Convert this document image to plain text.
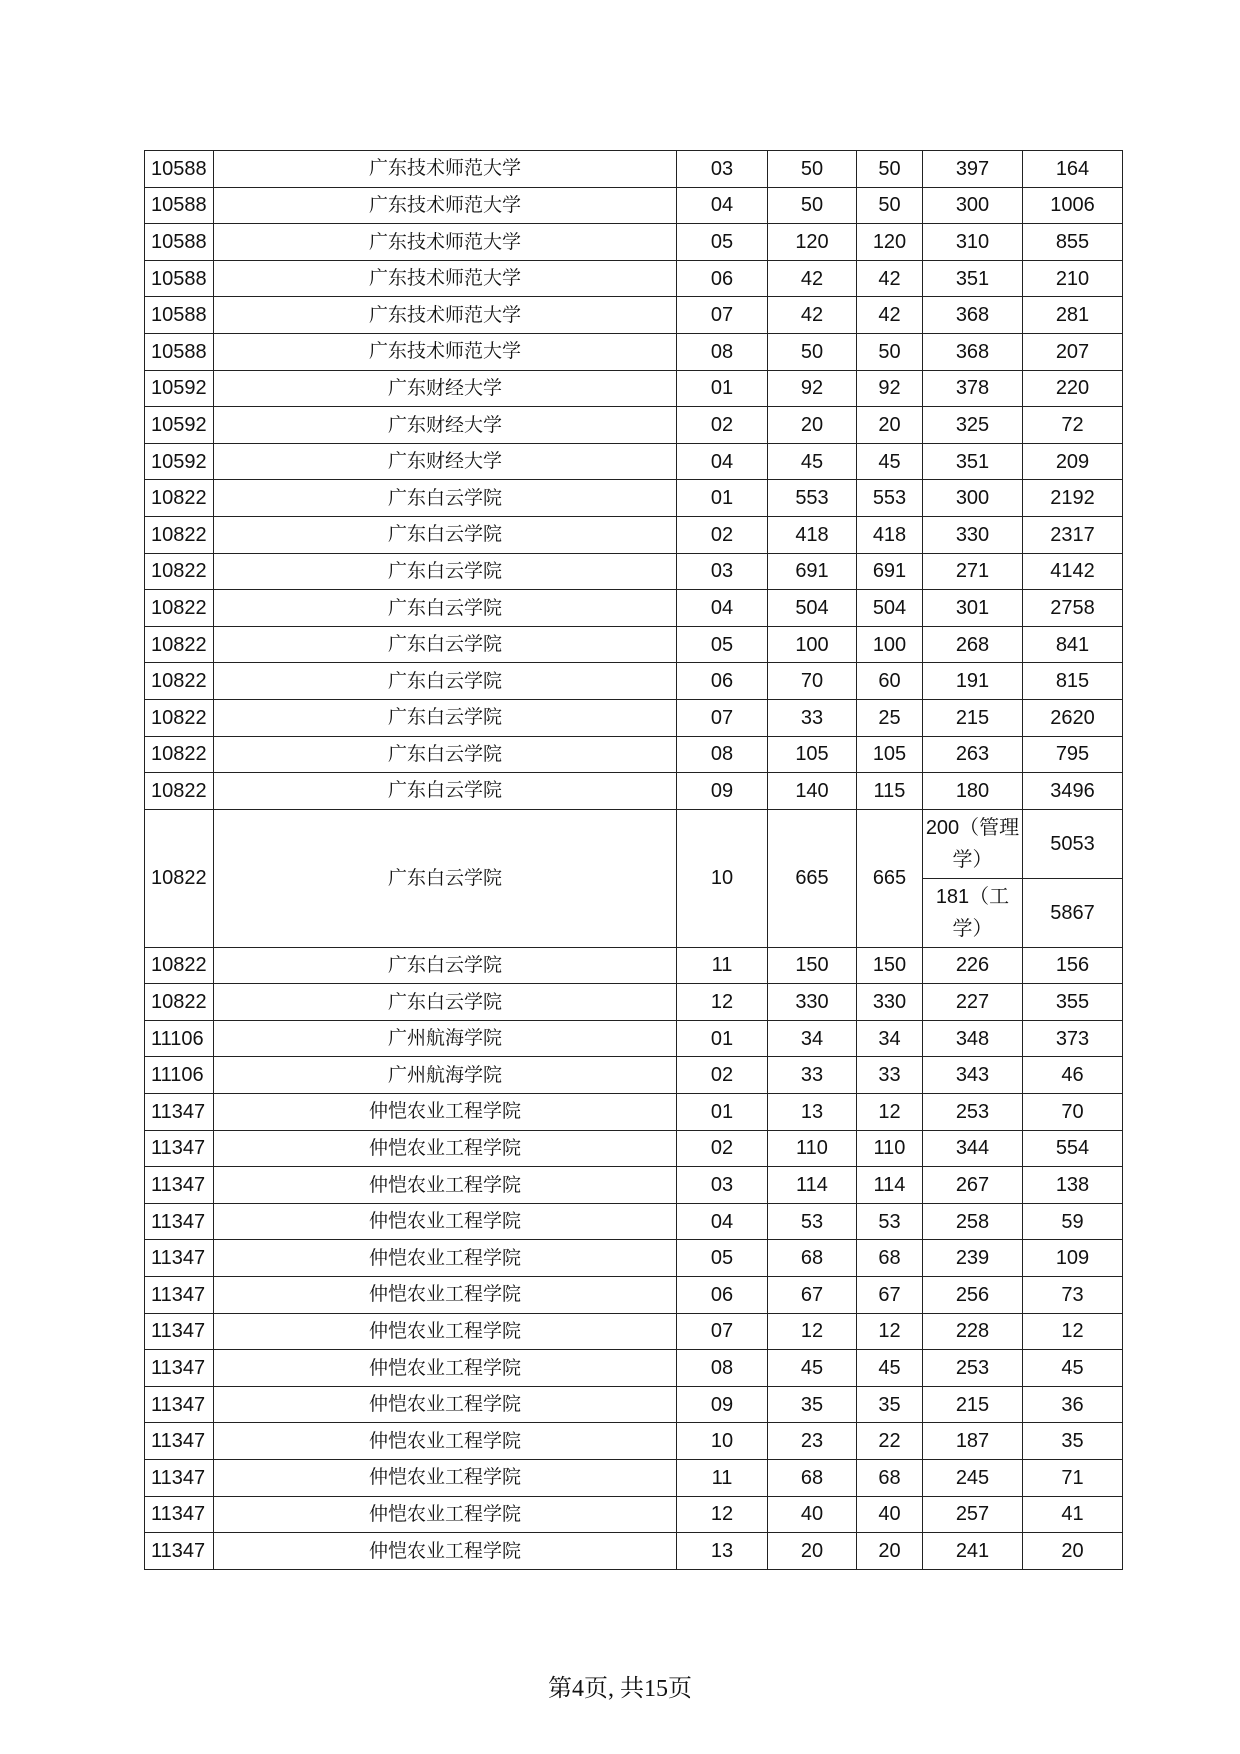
10588	广东技术师范大学	03	50	50	397	164
10588	广东技术师范大学	04	50	50	300	1006
10588	广东技术师范大学	05	120	120	310	855
10588	广东技术师范大学	06	42	42	351	210
10588	广东技术师范大学	07	42	42	368	281
10588	广东技术师范大学	08	50	50	368	207
10592	广东财经大学	01	92	92	378	220
10592	广东财经大学	02	20	20	325	72
10592	广东财经大学	04	45	45	351	209
10822	广东白云学院	01	553	553	300	2192
10822	广东白云学院	02	418	418	330	2317
10822	广东白云学院	03	691	691	271	4142
10822	广东白云学院	04	504	504	301	2758
10822	广东白云学院	05	100	100	268	841
10822	广东白云学院	06	70	60	191	815
10822	广东白云学院	07	33	25	215	2620
10822	广东白云学院	08	105	105	263	795
10822	广东白云学院	09	140	115	180	3496
10822	广东白云学院	10	665	665	200（管理学）	5053
					181（工学）	5867
10822	广东白云学院	11	150	150	226	156
10822	广东白云学院	12	330	330	227	355
11106	广州航海学院	01	34	34	348	373
11106	广州航海学院	02	33	33	343	46
11347	仲恺农业工程学院	01	13	12	253	70
11347	仲恺农业工程学院	02	110	110	344	554
11347	仲恺农业工程学院	03	114	114	267	138
11347	仲恺农业工程学院	04	53	53	258	59
11347	仲恺农业工程学院	05	68	68	239	109
11347	仲恺农业工程学院	06	67	67	256	73
11347	仲恺农业工程学院	07	12	12	228	12
11347	仲恺农业工程学院	08	45	45	253	45
11347	仲恺农业工程学院	09	35	35	215	36
11347	仲恺农业工程学院	10	23	22	187	35
11347	仲恺农业工程学院	11	68	68	245	71
11347	仲恺农业工程学院	12	40	40	257	41
11347	仲恺农业工程学院	13	20	20	241	20
第4页, 共15页
